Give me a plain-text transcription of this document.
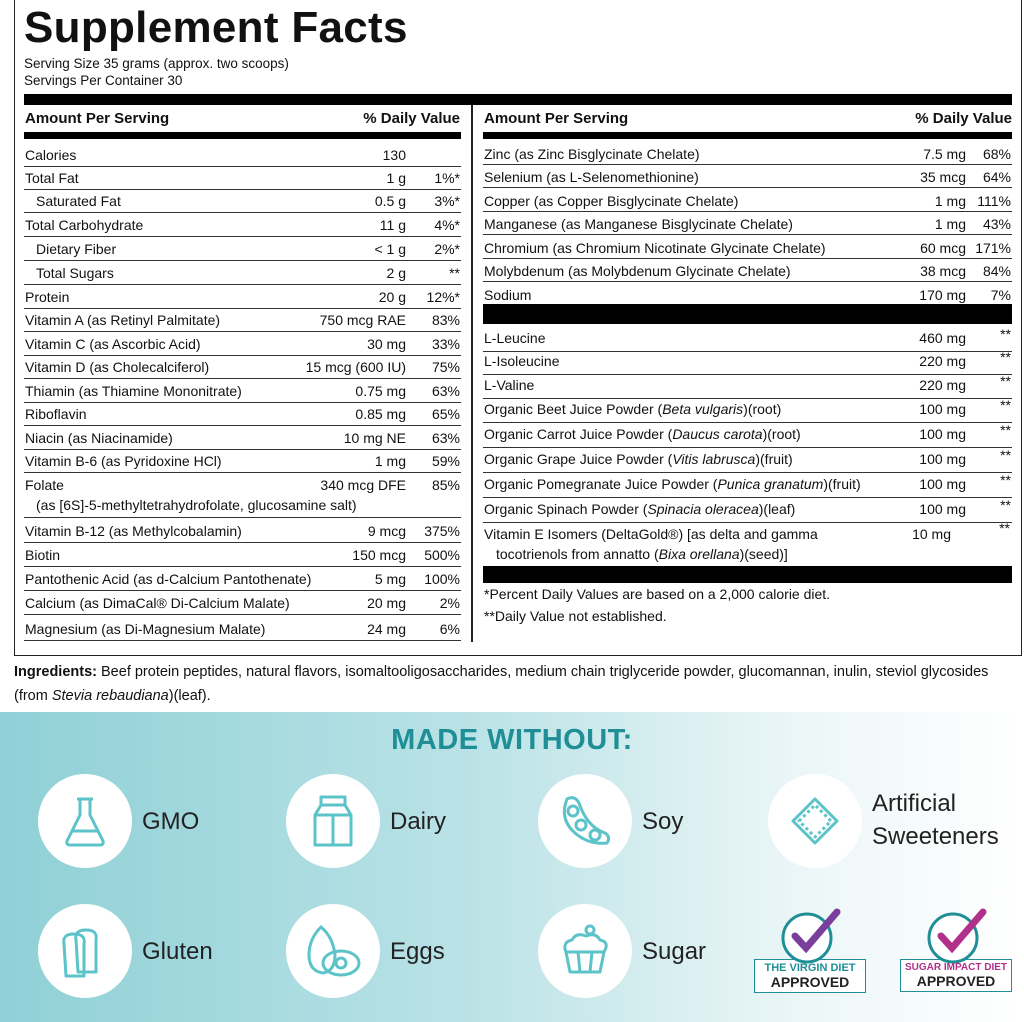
Supplement Facts
Serving Size 35 grams (approx. two scoops)
Servings Per Container 30
Amount Per Serving	% Daily Value Amount Per Serving	% Daily Value
Calories	130
Total Fat	1 g	1%*
Saturated Fat	0.5 g	3%*
Total Carbohydrate	11 g	4%*
Dietary Fiber	< 1 g	2%*
Total Sugars	2 g	**
Protein	20 g	12%*
Vitamin A (as Retinyl Palmitate)	750 mcg RAE	83%
Vitamin C (as Ascorbic Acid)	30 mg	33%
Vitamin D (as Cholecalciferol)	15 mcg (600 IU)	75%
Thiamin (as Thiamine Mononitrate)	0.75 mg	63%
Riboflavin	0.85 mg	65%
Niacin (as Niacinamide)	10 mg NE	63%
Vitamin B-6 (as Pyridoxine HCl)	1 mg	59%
Folate	340 mcg DFE	85%
(as [6S]-5-methyltetrahydrofolate, glucosamine salt)
Vitamin B-12 (as Methylcobalamin)	9 mcg	375%
Biotin	150 mcg	500%
Pantothenic Acid (as d-Calcium Pantothenate)	5 mg	100%
Calcium (as DimaCal® Di-Calcium Malate)	20 mg	2%
Magnesium (as Di-Magnesium Malate)	24 mg	6%
Zinc (as Zinc Bisglycinate Chelate)	7.5 mg	68%
Selenium (as L-Selenomethionine)	35 mcg	64%
Copper (as Copper Bisglycinate Chelate)	1 mg 111%
Manganese (as Manganese Bisglycinate Chelate)	1 mg	43%
Chromium (as Chromium Nicotinate Glycinate Chelate)	60 mcg 171%
Molybdenum (as Molybdenum Glycinate Chelate)	38 mcg	84%
Sodium	170 mg	7%
L-Leucine	460 mg	**
L-Isoleucine	220 mg	**
L-Valine	220 mg	**
Organic Beet Juice Powder (Beta vulgaris)(root)	100 mg	**
Organic Carrot Juice Powder (Daucus carota)(root)	100 mg	**
Organic Grape Juice Powder (Vitis labrusca)(fruit)	100 mg	**
Organic Pomegranate Juice Powder (Punica granatum)(fruit)	100 mg	**
Organic Spinach Powder (Spinacia oleracea)(leaf)	100 mg	**
Vitamin E Isomers (DeltaGold®) [as delta and gamma
tocotrienols from annatto (Bixa orellana)(seed)]
10 mg	**
*Percent Daily Values are based on a 2,000 calorie diet.
**Daily Value not established.
Ingredients: Beef protein peptides, natural flavors, isomaltooligosaccharides, medium chain triglyceride powder, glucomannan, inulin, steviol glycosides (from Stevia rebaudiana)(leaf).
MADE WITHOUT:
GMO	Dairy	Soy
Artificial
Sweeteners
Gluten	Eggs	Sugar
THE VIRGIN DIET
APPROVED
SUGAR IMPACT DIET
APPROVED
